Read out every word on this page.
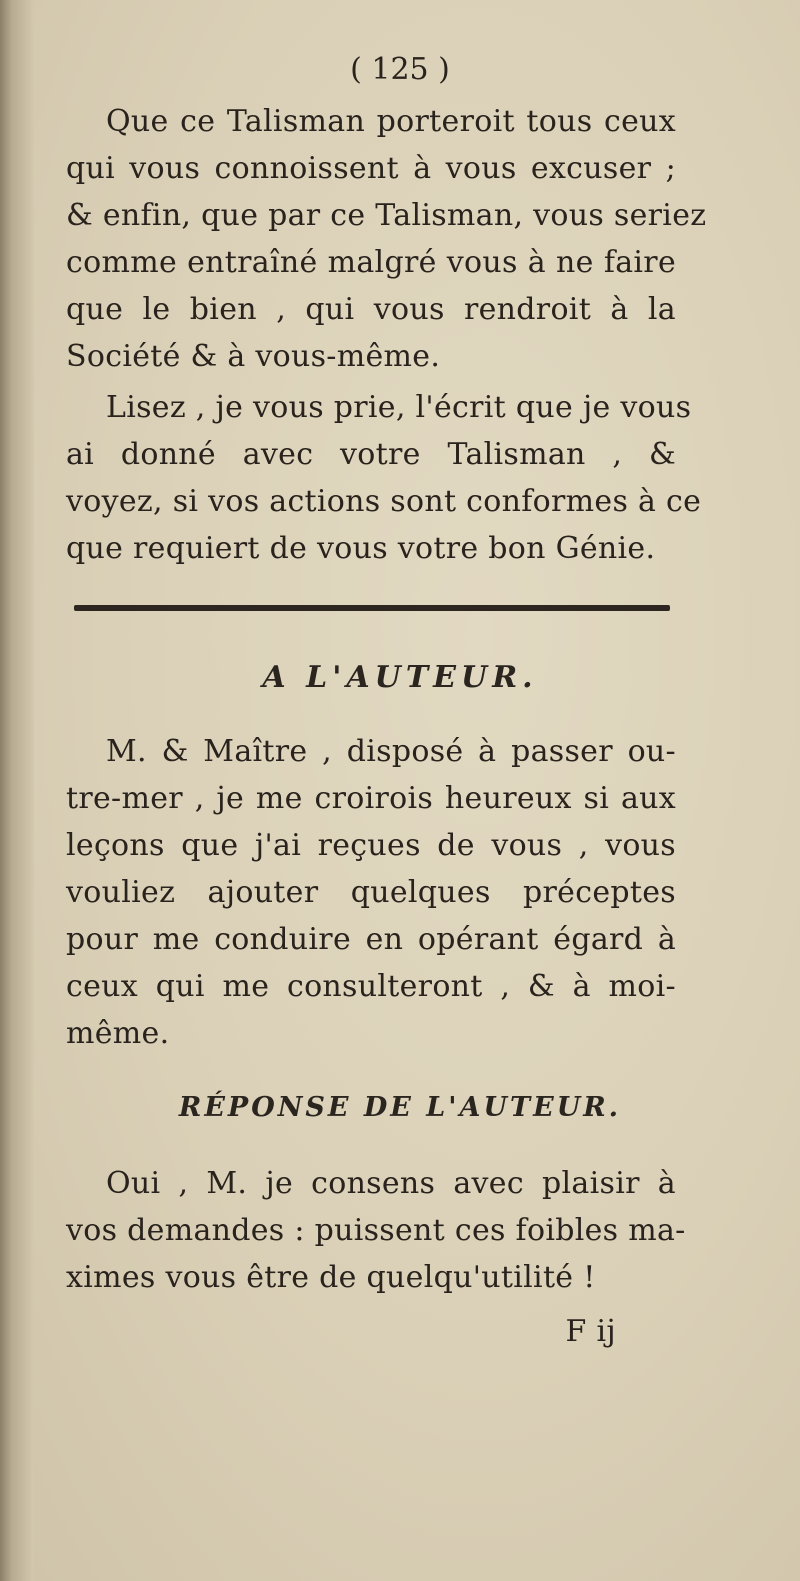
( 125 )
Que ce Talisman porteroit tous ceux
qui vous connoissent à vous excuser ;
& enfin, que par ce Talisman, vous seriez
comme entraîné malgré vous à ne faire
que le bien , qui vous rendroit à la
Société & à vous-même.
Lisez , je vous prie, l'écrit que je vous
ai donné avec votre Talisman , &
voyez, si vos actions sont conformes à ce
que requiert de vous votre bon Génie.
A L'AUTEUR.
M. & Maître , disposé à passer ou-
tre-mer , je me croirois heureux si aux
leçons que j'ai reçues de vous , vous
vouliez ajouter quelques préceptes
pour me conduire en opérant égard à
ceux qui me consulteront , & à moi-
même.
RÉPONSE DE L'AUTEUR.
Oui , M. je consens avec plaisir à
vos demandes : puissent ces foibles ma-
ximes vous être de quelqu'utilité !
F ij
